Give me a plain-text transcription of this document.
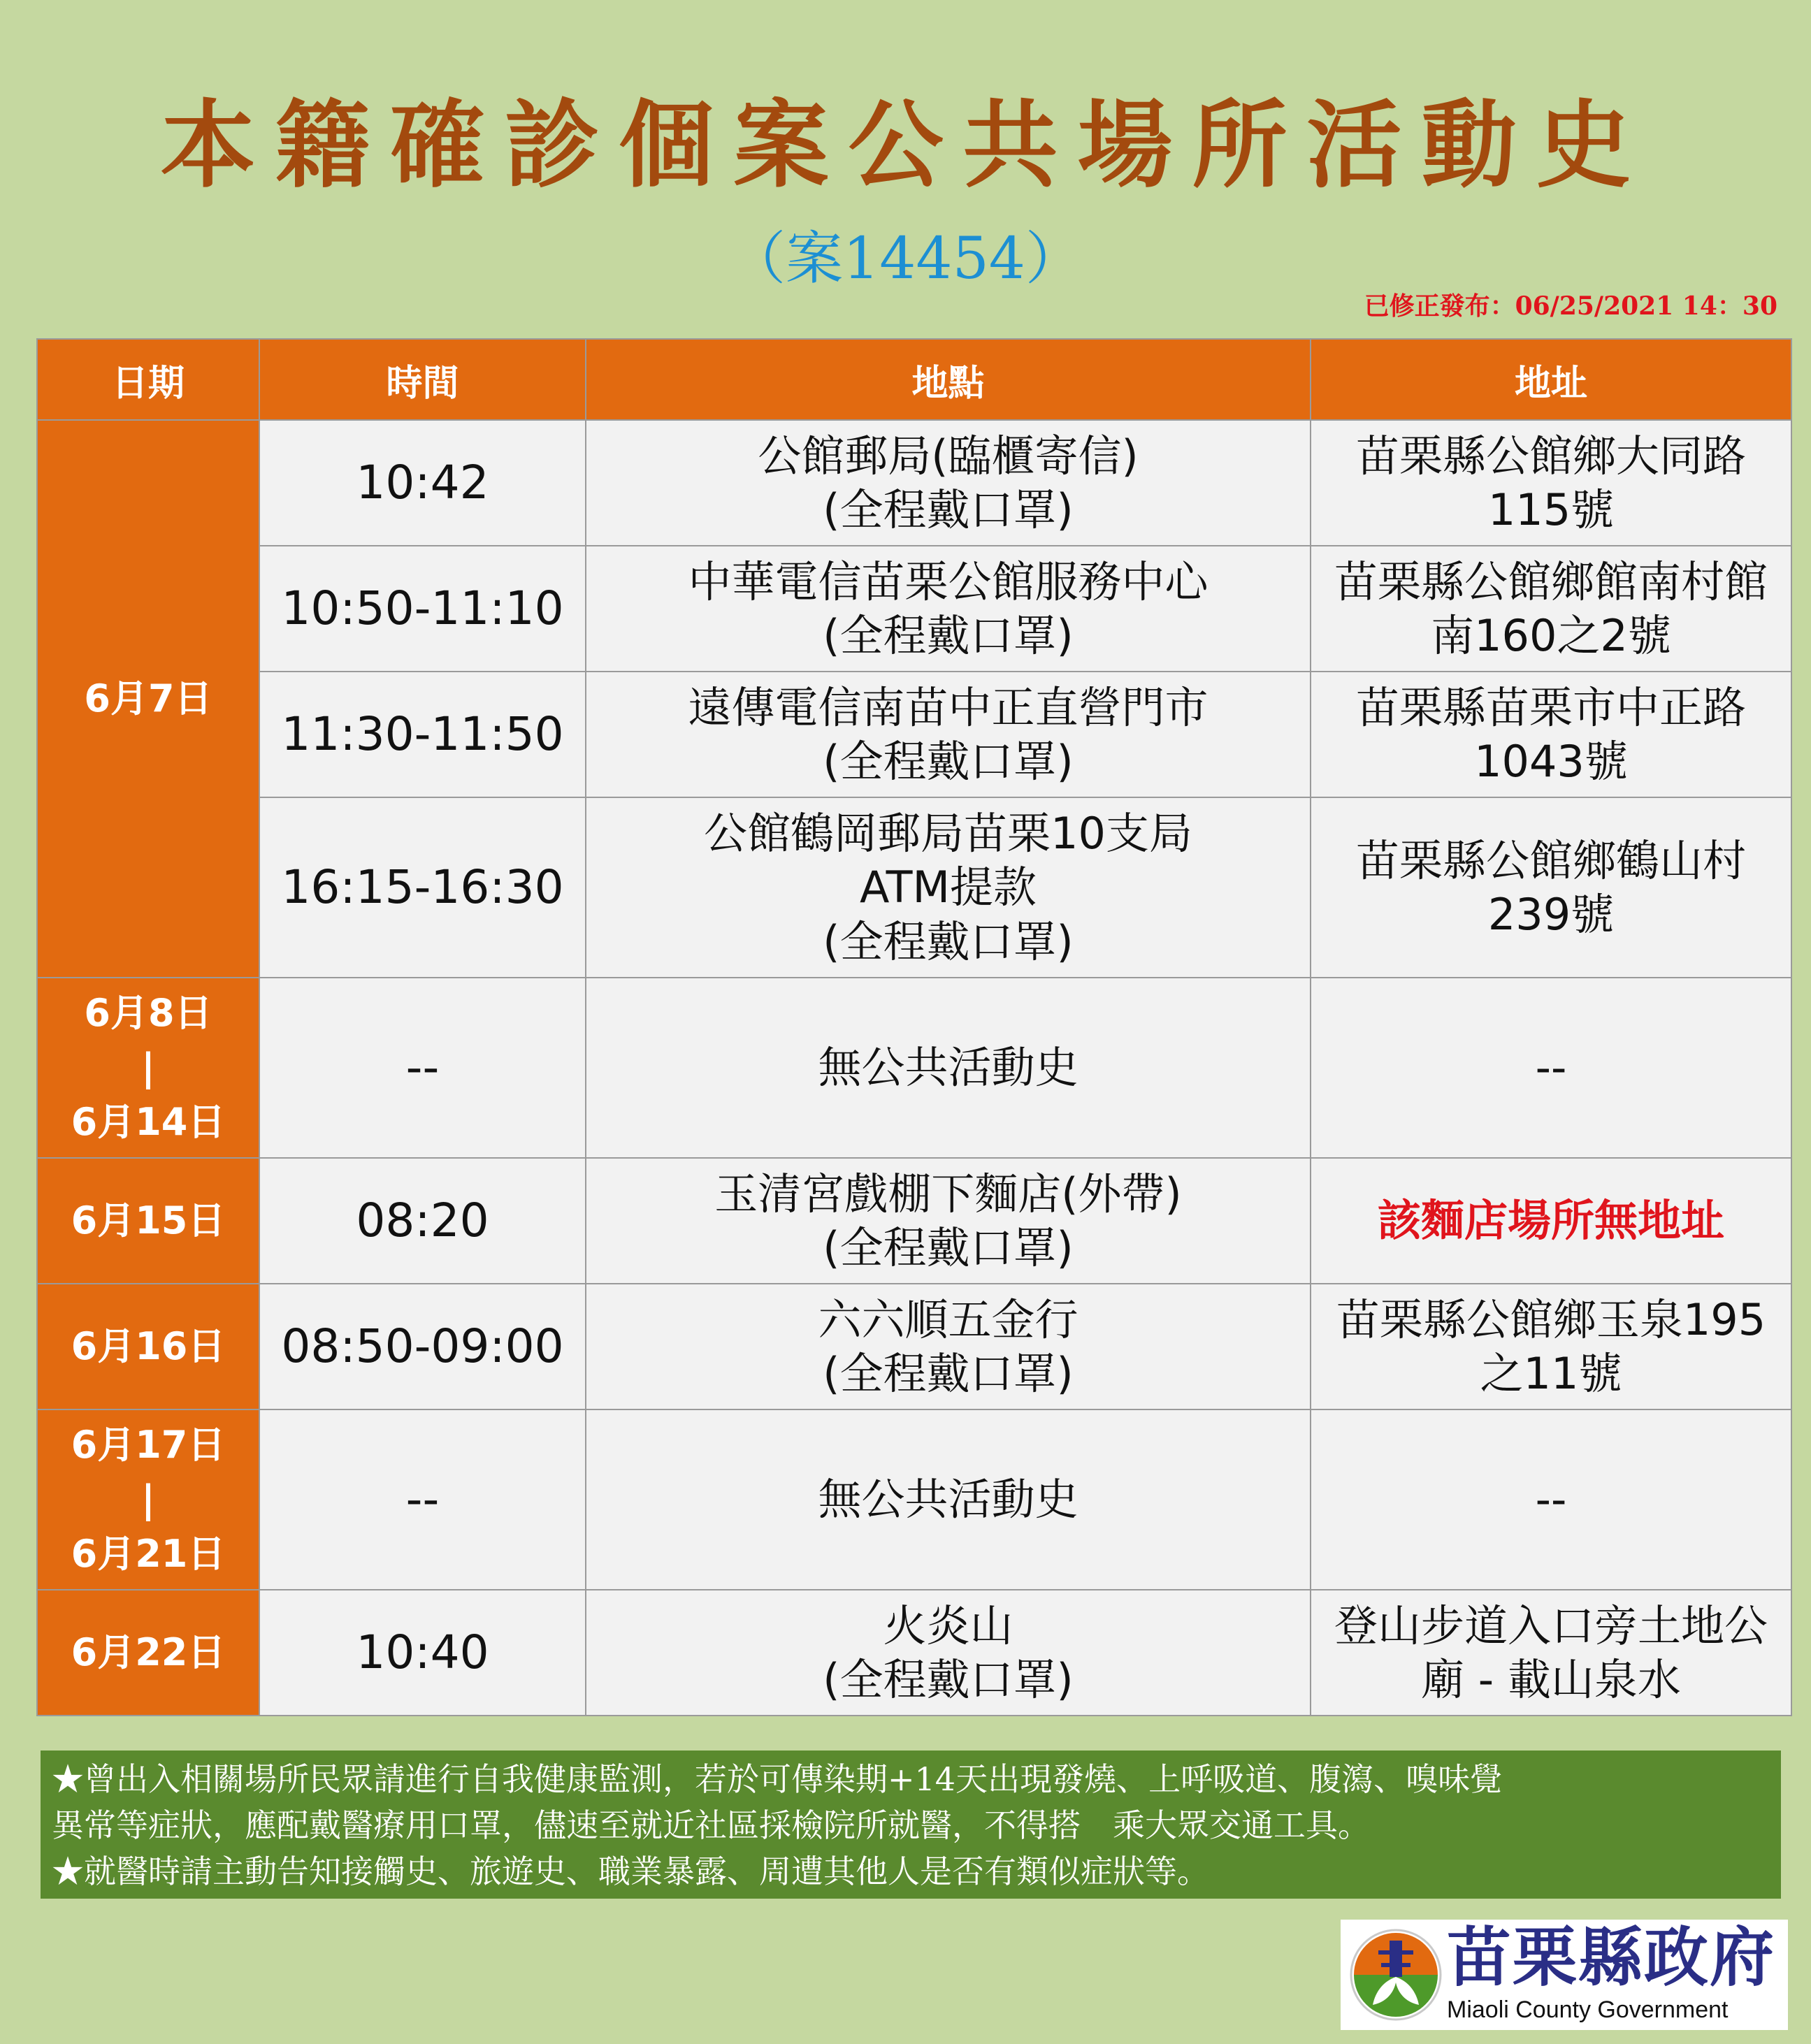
本籍確診個案公共場所活動史
（案14454）
已修正發布：06/25/2021 14：30
日期	時間	地點	地址

6月7日	10:42	公館郵局(臨櫃寄信)
(全程戴口罩)	苗栗縣公館鄉大同路
115號

	10:50-11:10	中華電信苗栗公館服務中心
(全程戴口罩)	苗栗縣公館鄉館南村館
南160之2號

	11:30-11:50	遠傳電信南苗中正直營門市
(全程戴口罩)	苗栗縣苗栗市中正路
1043號

	16:15-16:30	公館鶴岡郵局苗栗10支局
ATM提款
(全程戴口罩)	苗栗縣公館鄉鶴山村
239號

6月8日
|
6月14日	--	無公共活動史	--

6月15日	08:20	玉清宮戲棚下麵店(外帶)
(全程戴口罩)	該麵店場所無地址

6月16日	08:50-09:00	六六順五金行
(全程戴口罩)	苗栗縣公館鄉玉泉195
之11號

6月17日
|
6月21日	--	無公共活動史	--

6月22日	10:40	火炎山
(全程戴口罩)	登山步道入口旁土地公
廟 - 載山泉水
★曾出入相關場所民眾請進行自我健康監測，若於可傳染期+14天出現發燒、上呼吸道、腹瀉、嗅味覺
異常等症狀，應配戴醫療用口罩，儘速至就近社區採檢院所就醫，不得搭　乘大眾交通工具。
★就醫時請主動告知接觸史、旅遊史、職業暴露、周遭其他人是否有類似症狀等。
苗栗縣政府
Miaoli County Government
